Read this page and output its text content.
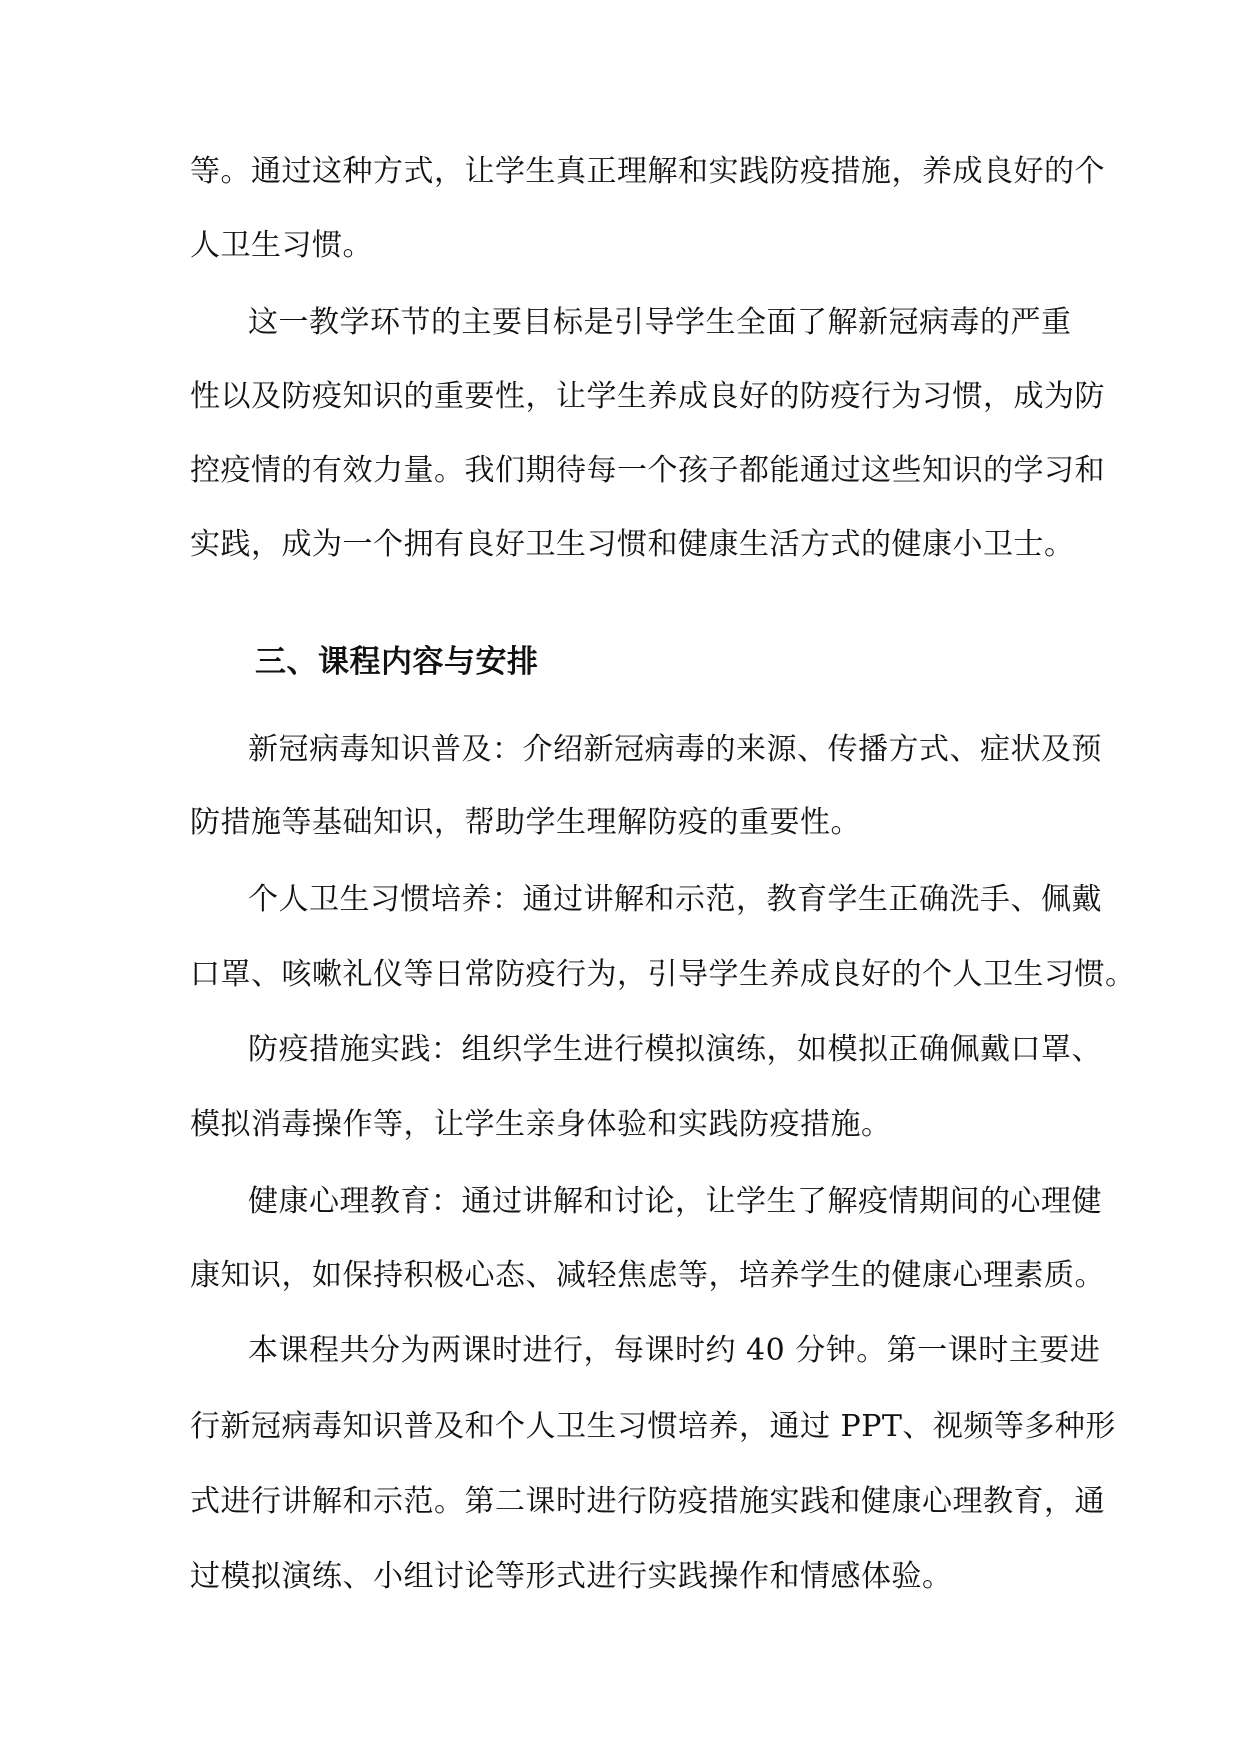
等。通过这种方式，让学生真正理解和实践防疫措施，养成良好的个
人卫生习惯。
这一教学环节的主要目标是引导学生全面了解新冠病毒的严重
性以及防疫知识的重要性，让学生养成良好的防疫行为习惯，成为防
控疫情的有效力量。我们期待每一个孩子都能通过这些知识的学习和
实践，成为一个拥有良好卫生习惯和健康生活方式的健康小卫士。
三、课程内容与安排
新冠病毒知识普及：介绍新冠病毒的来源、传播方式、症状及预
防措施等基础知识，帮助学生理解防疫的重要性。
个人卫生习惯培养：通过讲解和示范，教育学生正确洗手、佩戴
口罩、咳嗽礼仪等日常防疫行为，引导学生养成良好的个人卫生习惯。
防疫措施实践：组织学生进行模拟演练，如模拟正确佩戴口罩、
模拟消毒操作等，让学生亲身体验和实践防疫措施。
健康心理教育：通过讲解和讨论，让学生了解疫情期间的心理健
康知识，如保持积极心态、减轻焦虑等，培养学生的健康心理素质。
本课程共分为两课时进行，每课时约 40 分钟。第一课时主要进
行新冠病毒知识普及和个人卫生习惯培养，通过 PPT、视频等多种形
式进行讲解和示范。第二课时进行防疫措施实践和健康心理教育，通
过模拟演练、小组讨论等形式进行实践操作和情感体验。
